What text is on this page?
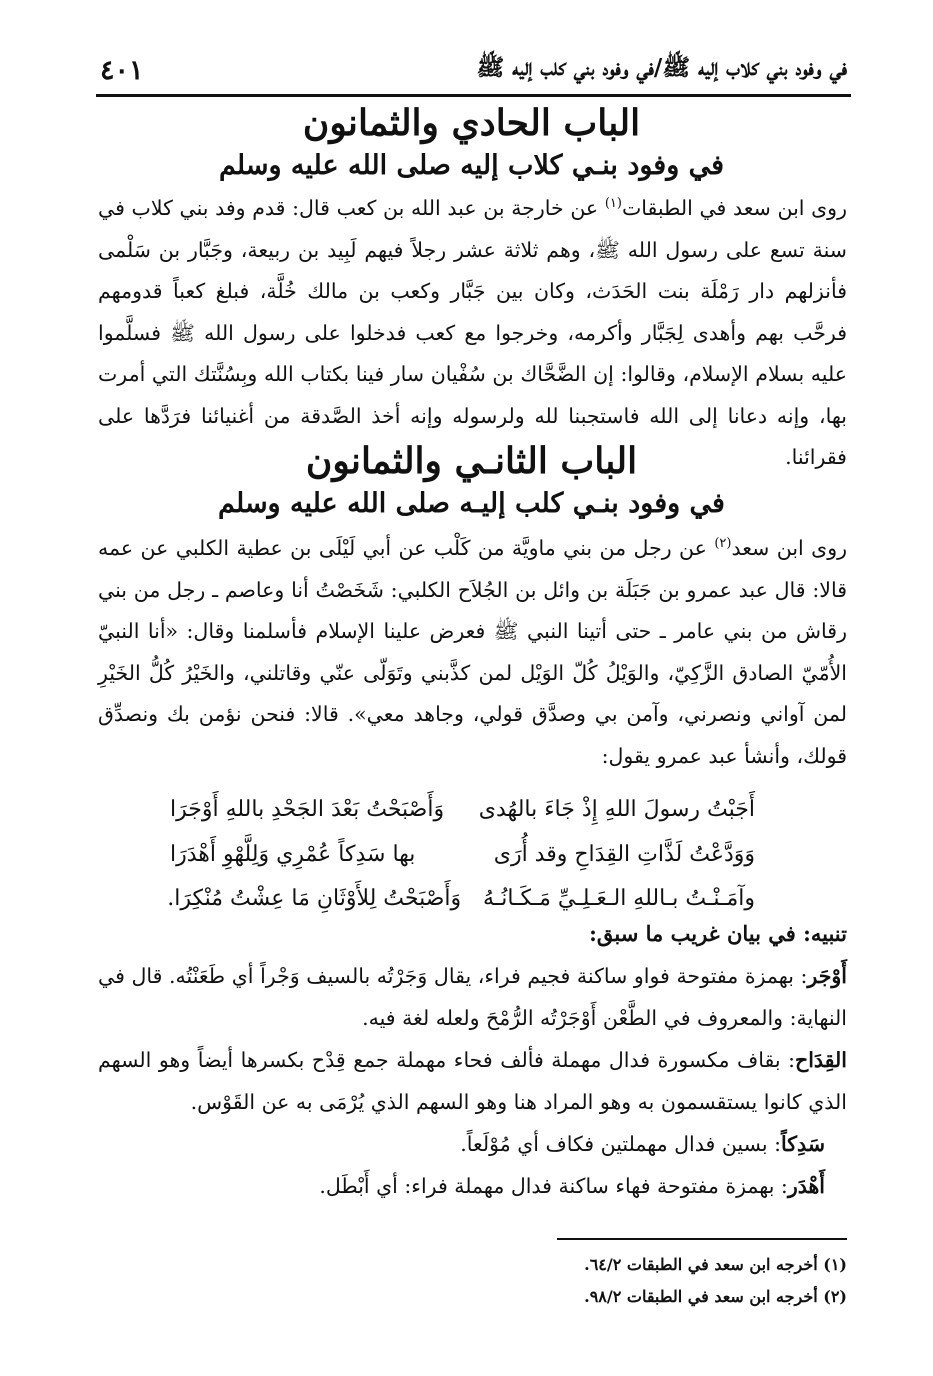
في وفود بني كلاب إليه ﷺ/في وفود بني كلب إليه ﷺ
٤٠١
الباب الحادي والثمانون
في وفود بنـي كلاب إليه صلى الله عليه وسلم

روى ابن سعد في الطبقات$^{(١)}$ عن خارجة بن عبد الله بن كعب قال: قدم وفد بني كلاب في سنة تسع على رسول الله ﷺ، وهم ثلاثة عشر رجلاً فيهم لَبِيد بن ربيعة، وجَبَّار بن سَلْمى فأنزلهم دار رَمْلَة بنت الحَدَث، وكان بين جَبَّار وكعب بن مالك خُلَّة، فبلغ كعباً قدومهم فرحَّب بهم وأهدى لِجَبَّار وأكرمه، وخرجوا مع كعب فدخلوا على رسول الله ﷺ فسلَّموا عليه بسلام الإسلام، وقالوا: إن الضَّحَّاك بن سُفْيان سار فينا بكتاب الله وبِسُنَّتك التي أمرت بها، وإنه دعانا إلى الله فاستجبنا لله ولرسوله وإنه أخذ الصَّدقة من أغنيائنا فرَدَّها على فقرائنا.

الباب الثانـي والثمانون
في وفود بنـي كلب إليـه صلى الله عليه وسلم

روى ابن سعد$^{(٢)}$ عن رجل من بني ماويَّة من كَلْب عن أبي لَيْلَى بن عطية الكلبي عن عمه قالا: قال عبد عمرو بن جَبَلَة بن وائل بن الجُلاَح الكلبي: شَخَصْتُ أنا وعاصم ـ رجل من بني رقاش من بني عامر ـ حتى أتينا النبي ﷺ فعرض علينا الإسلام فأسلمنا وقال: «أنا النبيّ الأُمّيّ الصادق الزَّكِيّ، والوَيْلُ كُلّ الوَيْل لمن كذَّبني وتَوَلّى عنّي وقاتلني، والخَيْرُ كُلُّ الخَيْرِ لمن آواني ونصرني، وآمن بي وصدَّق قولي، وجاهد معي». قالا: فنحن نؤمن بك ونصدِّق قولك، وأنشأ عبد عمرو يقول:

أَجَبْتُ رسولَ اللهِ إِذْ جَاءَ بالهُدى
وَأَصْبَحْتُ بَعْدَ الجَحْدِ باللهِ أَوْجَرَا
وَوَدَّعْتُ لَذَّاتِ القِدَاحِ وقد أُرَى
بها سَدِكاً عُمْرِي وَلِلَّهْوِ أَهْدَرَا
وآمَـنْـتُ بـاللهِ الـعَـلِـيِّ مَـكَـانُـهُ
وَأَصْبَحْتُ لِلأَوْثَانِ مَا عِشْتُ مُنْكِرَا.
تنبيه: في بيان غريب ما سبق:

أَوْجَر: بهمزة مفتوحة فواو ساكنة فجيم فراء، يقال وَجَرْتُه بالسيف وَجْراً أي طَعَنْتُه. قال في النهاية: والمعروف في الطَّعْن أَوْجَرْتُه الرُّمْحَ ولعله لغة فيه.

القِدَاح: بقاف مكسورة فدال مهملة فألف فحاء مهملة جمع قِدْح بكسرها أيضاً وهو السهم الذي كانوا يستقسمون به وهو المراد هنا وهو السهم الذي يُرْمَى به عن القَوْس.

سَدِكاً: بسين فدال مهملتين فكاف أي مُوْلَعاً.

أَهْدَر: بهمزة مفتوحة فهاء ساكنة فدال مهملة فراء: أي أَبْطَل.

(١) أخرجه ابن سعد في الطبقات ٦٤/٢.
(٢) أخرجه ابن سعد في الطبقات ٩٨/٢.
